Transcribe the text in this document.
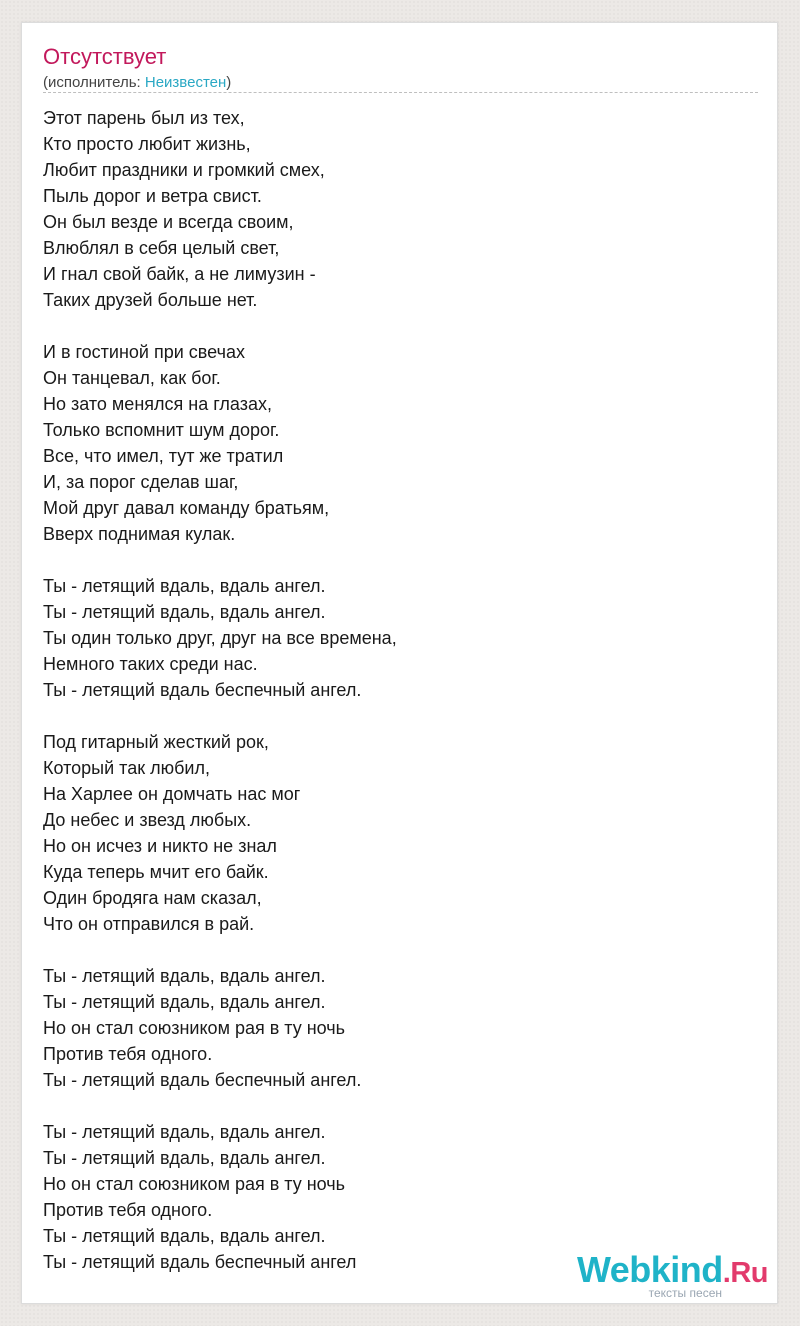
Отсутствует
(исполнитель: Неизвестен)
Этот парень был из тех,
Кто просто любит жизнь,
Любит праздники и громкий смех,
Пыль дорог и ветра свист.
Он был везде и всегда своим,
Влюблял в себя целый свет,
И гнал свой байк, а не лимузин -
Таких друзей больше нет.
И в гостиной при свечах
Он танцевал, как бог.
Но зато менялся на глазах,
Только вспомнит шум дорог.
Все, что имел, тут же тратил
И, за порог сделав шаг,
Мой друг давал команду братьям,
Вверх поднимая кулак.
Ты - летящий вдаль, вдаль ангел.
Ты - летящий вдаль, вдаль ангел.
Ты один только друг, друг на все времена,
Немного таких среди нас.
Ты - летящий вдаль беспечный ангел.
Под гитарный жесткий рок,
Который так любил,
На Харлее он домчать нас мог
До небес и звезд любых.
Но он исчез и никто не знал
Куда теперь мчит его байк.
Один бродяга нам сказал,
Что он отправился в рай.
Ты - летящий вдаль, вдаль ангел.
Ты - летящий вдаль, вдаль ангел.
Но он стал союзником рая в ту ночь
Против тебя одного.
Ты - летящий вдаль беспечный ангел.
Ты - летящий вдаль, вдаль ангел.
Ты - летящий вдаль, вдаль ангел.
Но он стал союзником рая в ту ночь
Против тебя одного.
Ты - летящий вдаль, вдаль ангел.
Ты - летящий вдаль беспечный ангел	Webkind.Ru
тексты песен
